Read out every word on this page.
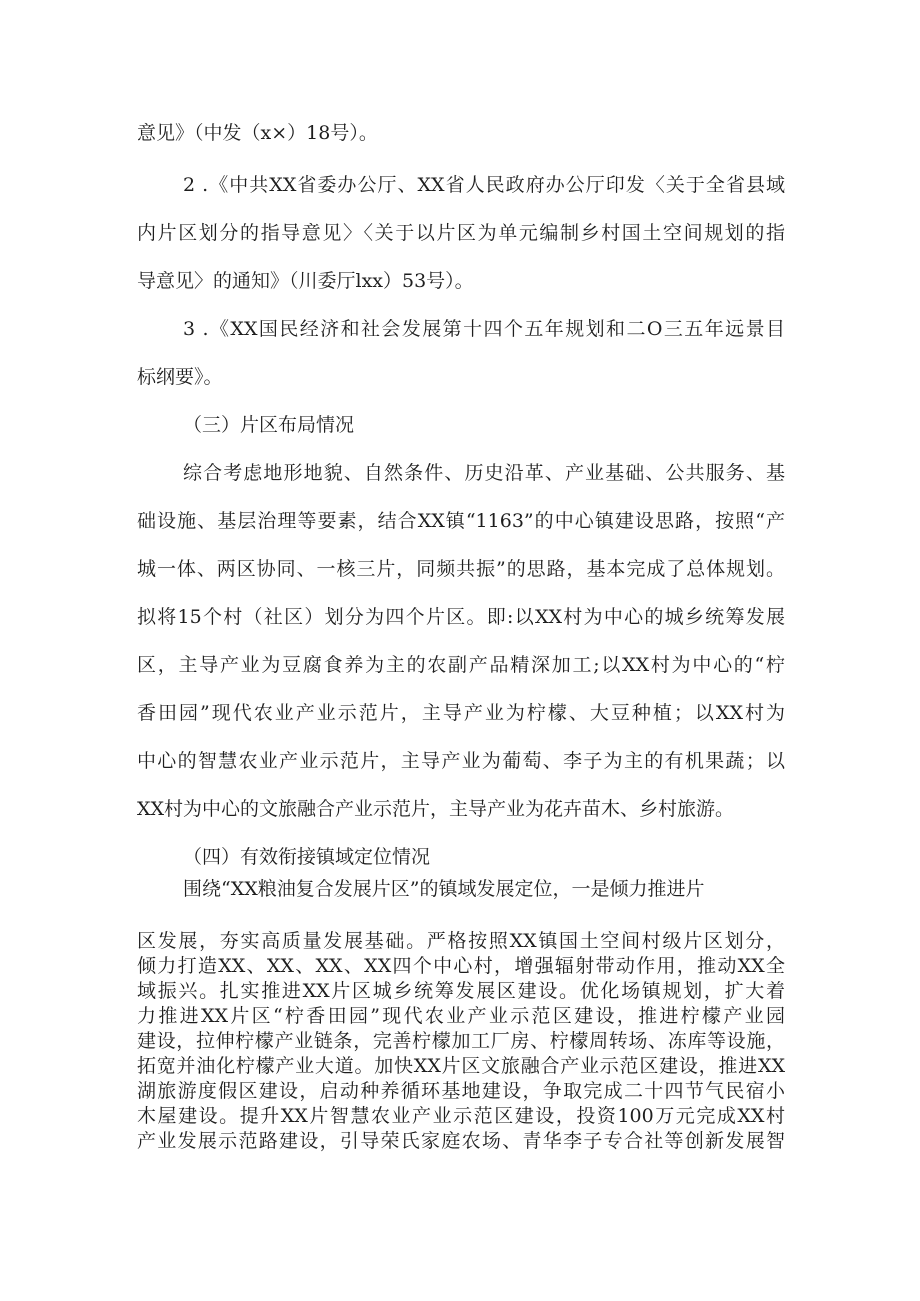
意见》（中发（x×）18号）。
2 .《中共XX省委办公厅、XX省人民政府办公厅印发〈关于全省县域
内片区划分的指导意见〉〈关于以片区为单元编制乡村国土空间规划的指
导意见〉的通知》（川委厅lxx）53号）。
3 .《XX国民经济和社会发展第十四个五年规划和二O三五年远景目
标纲要》。
（三）片区布局情况
综合考虑地形地貌、自然条件、历史沿革、产业基础、公共服务、基
础设施、基层治理等要素，结合XX镇“1163”的中心镇建设思路，按照“产
城一体、两区协同、一核三片，同频共振”的思路，基本完成了总体规划。
拟将15个村（社区）划分为四个片区。即:以XX村为中心的城乡统筹发展
区，主导产业为豆腐食养为主的农副产品精深加工;以XX村为中心的“柠
香田园”现代农业产业示范片，主导产业为柠檬、大豆种植；以XX村为
中心的智慧农业产业示范片，主导产业为葡萄、李子为主的有机果蔬；以
XX村为中心的文旅融合产业示范片，主导产业为花卉苗木、乡村旅游。
（四）有效衔接镇域定位情况
围绕“XX粮油复合发展片区”的镇域发展定位，一是倾力推进片
区发展，夯实高质量发展基础。严格按照XX镇国土空间村级片区划分，
倾力打造XX、XX、XX、XX四个中心村，增强辐射带动作用，推动XX全
域振兴。扎实推进XX片区城乡统筹发展区建设。优化场镇规划，扩大着
力推进XX片区“柠香田园”现代农业产业示范区建设，推进柠檬产业园
建设，拉伸柠檬产业链条，完善柠檬加工厂房、柠檬周转场、冻库等设施，
拓宽并油化柠檬产业大道。加快XX片区文旅融合产业示范区建设，推进XX
湖旅游度假区建设，启动种养循环基地建设，争取完成二十四节气民宿小
木屋建设。提升XX片智慧农业产业示范区建设，投资100万元完成XX村
产业发展示范路建设，引导荣氏家庭农场、青华李子专合社等创新发展智
